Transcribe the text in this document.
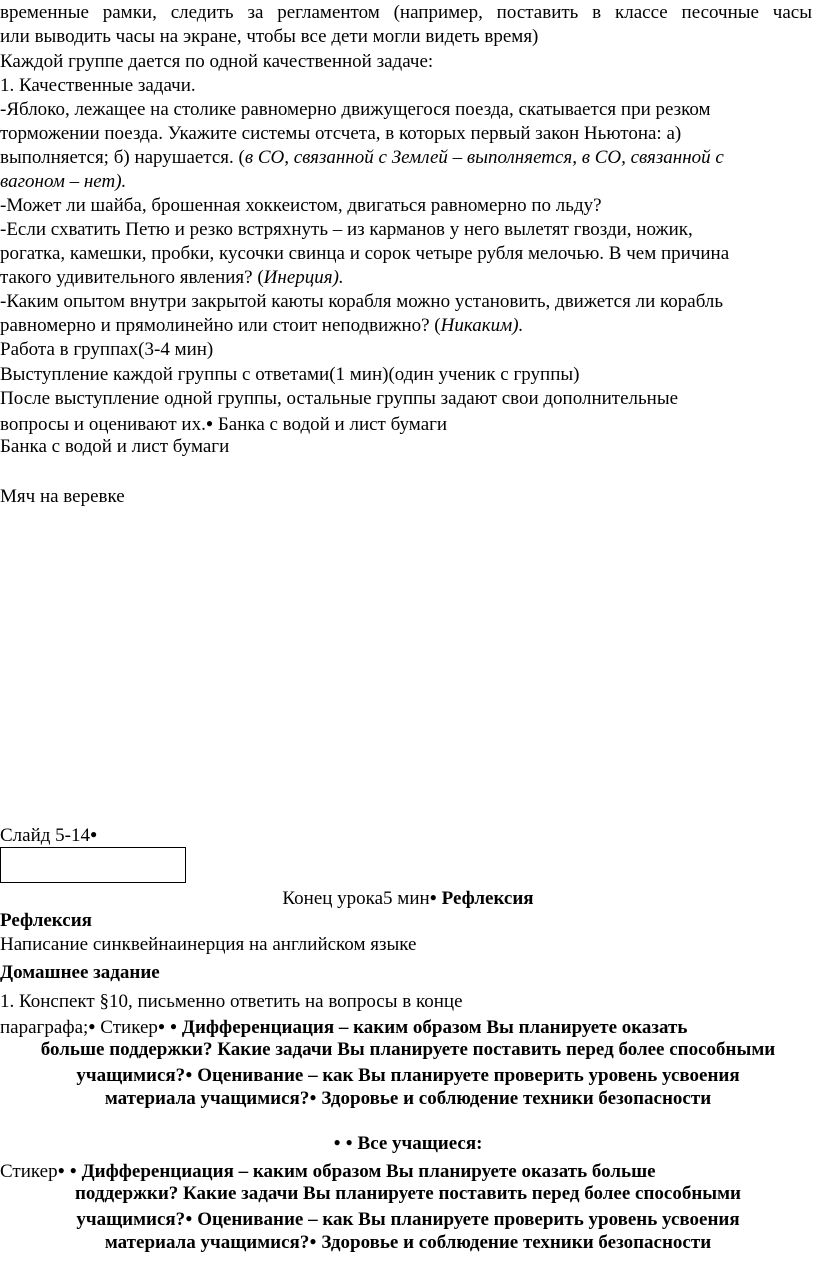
временные рамки, следить за регламентом (например, поставить в классе песочные часы
или выводить часы на экране, чтобы все дети могли видеть время)
Каждой группе дается по одной качественной задаче:
1. Качественные задачи.
-Яблоко, лежащее на столике равномерно движущегося поезда, скатывается при резком
торможении поезда. Укажите системы отсчета, в которых первый закон Ньютона: а)
выполняется; б) нарушается. (в СО, связанной с Землей – выполняется, в СО, связанной с
вагоном – нет).
-Может ли шайба, брошенная хоккеистом, двигаться равномерно по льду?
-Если схватить Петю и резко встряхнуть – из карманов у него вылетят гвозди, ножик,
рогатка, камешки, пробки, кусочки свинца и сорок четыре рубля мелочью. В чем причина
такого удивительного явления? (Инерция).
-Каким опытом внутри закрытой каюты корабля можно установить, движется ли корабль
равномерно и прямолинейно или стоит неподвижно? (Никаким).
Работа в группах(3-4 мин)
Выступление каждой группы с ответами(1 мин)(один ученик с группы)
После выступление одной группы, остальные группы задают свои дополнительные
вопросы и оценивают их.● Банка с водой и лист бумаги
Банка с водой и лист бумаги
Мяч на веревке
Слайд 5-14●
Конец урока5 мин● Рефлексия
Рефлексия
Написание синквейнаинерция на английском языке
Домашнее задание
1. Конспект §10, письменно ответить на вопросы в конце
параграфа;● Стикер● ● Дифференциация – каким образом Вы планируете оказать
больше поддержки? Какие задачи Вы планируете поставить перед более способными
учащимися?● Оценивание – как Вы планируете проверить уровень усвоения
материала учащимися?● Здоровье и соблюдение техники безопасности
● ● Все учащиеся:
Стикер● ● Дифференциация – каким образом Вы планируете оказать больше
поддержки? Какие задачи Вы планируете поставить перед более способными
учащимися?● Оценивание – как Вы планируете проверить уровень усвоения
материала учащимися?● Здоровье и соблюдение техники безопасности
